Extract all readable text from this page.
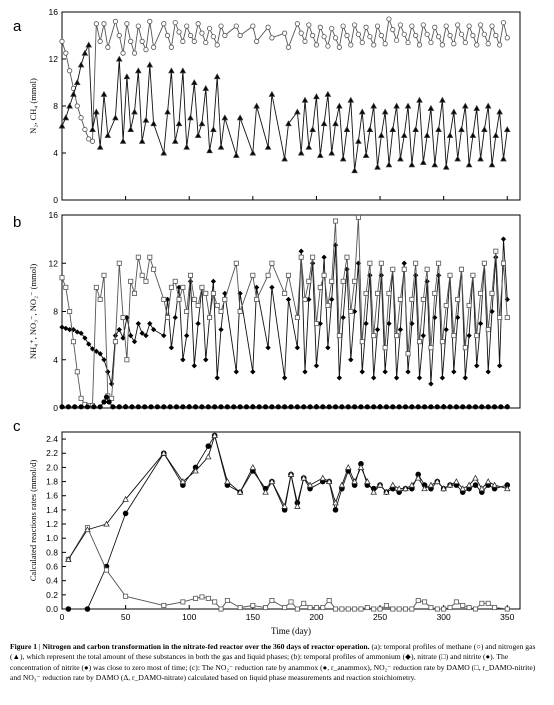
0
4
8
12
16
N₂, CH₄ (mmol)
0
4
8
12
16
NH₄⁺, NO₃⁻, NO₂⁻ (mmol)
0.0
0.2
0.4
0.6
0.8
1.0
1.2
1.4
1.6
1.8
2.0
2.2
2.4
0	50	100	150	200	250	300	350
Calculated reactions rates (mmol/d)
Time (day)
a
b
c
Figure 1 | Nitrogen and carbon transformation in the nitrate-fed reactor over the 360 days of reactor operation. (a): temporal profiles of methane (○) and nitrogen gas (▲), which represent the total amount of these substances in both the gas and liquid phases; (b): temporal profiles of ammonium (◆), nitrate (□) and nitrite (●). The concentration of nitrite (●) was close to zero most of time; (c): The NO₂⁻ reduction rate by anammox (●, r_anammox), NO₂⁻ reduction rate by DAMO (□, r_DAMO-nitrite) and NO₃⁻ reduction rate by DAMO (Δ, r_DAMO-nitrate) calculated based on liquid phase measurements and reaction stoichiometry.
